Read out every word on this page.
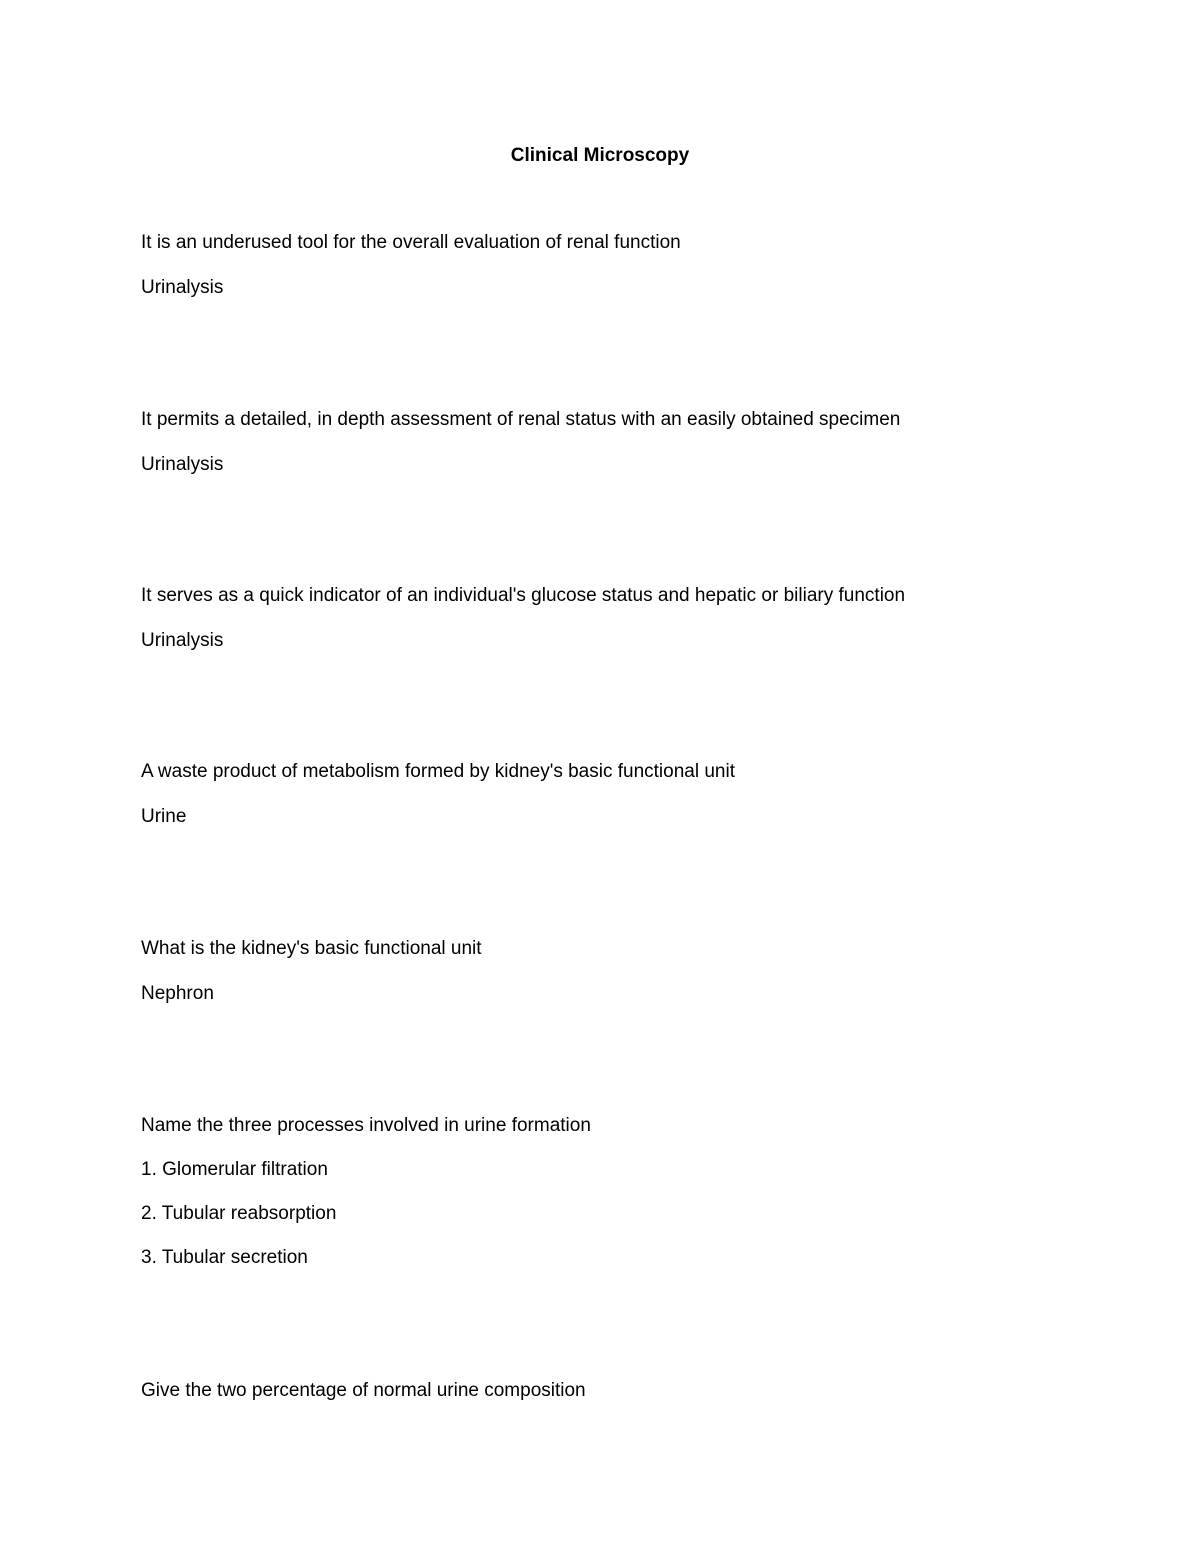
Clinical Microscopy
It is an underused tool for the overall evaluation of renal function
Urinalysis
It permits a detailed, in depth assessment of renal status with an easily obtained specimen
Urinalysis
It serves as a quick indicator of an individual's glucose status and hepatic or biliary function
Urinalysis
A waste product of metabolism formed by kidney's basic functional unit
Urine
What is the kidney's basic functional unit
Nephron
Name the three processes involved in urine formation
1. Glomerular filtration
2. Tubular reabsorption
3. Tubular secretion
Give the two percentage of normal urine composition
